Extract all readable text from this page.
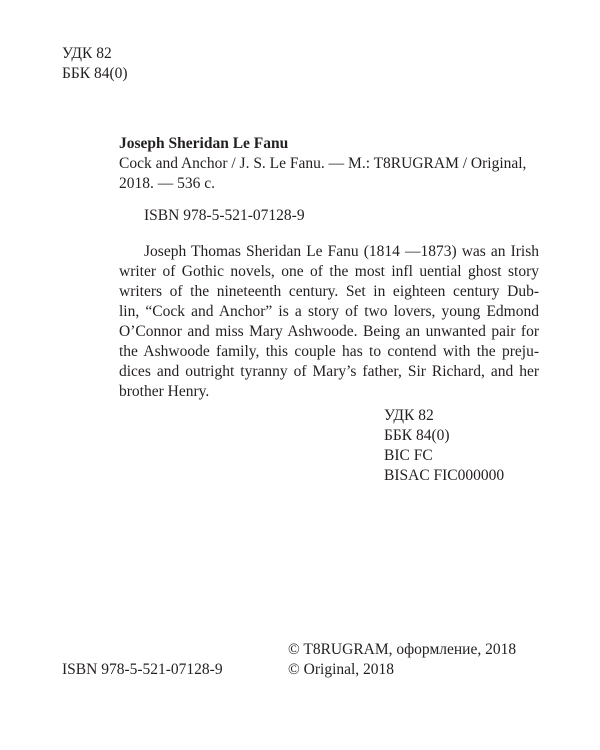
УДК 82
ББК 84(0)
Joseph Sheridan Le Fanu
Cock and Anchor / J. S. Le Fanu. — M.: T8RUGRAM / Original,
2018. — 536 с.
ISBN 978-5-521-07128-9
Joseph Thomas Sheridan Le Fanu (1814 —1873) was an Irish
writer of Gothic novels, one of the most infl uential ghost story
writers of the nineteenth century. Set in eighteen century Dub-
lin, “Cock and Anchor” is a story of two lovers, young Edmond
O’Connor and miss Mary Ashwoode. Being an unwanted pair for
the Ashwoode family, this couple has to contend with the preju-
dices and outright tyranny of Mary’s father, Sir Richard, and her
brother Henry.
УДК 82
ББК 84(0)
BIC FC
BISAC FIC000000
© T8RUGRAM, оформление, 2018
© Original, 2018
ISBN 978-5-521-07128-9
